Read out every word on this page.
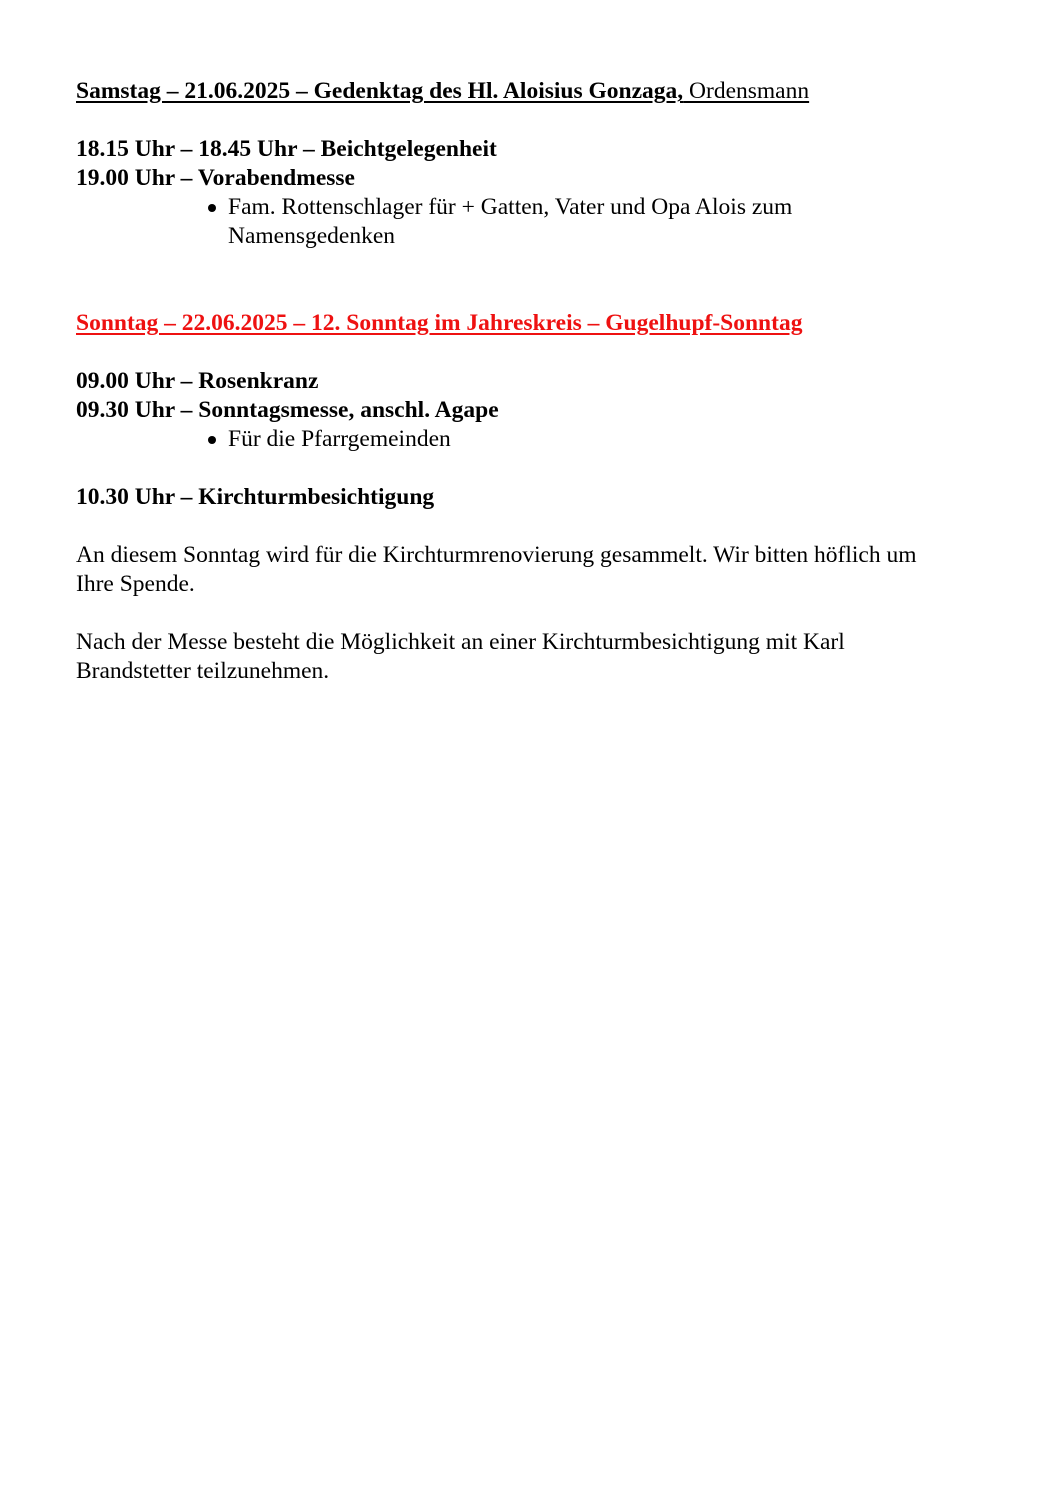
Samstag – 21.06.2025 – Gedenktag des Hl. Aloisius Gonzaga, Ordensmann

18.15 Uhr – 18.45 Uhr – Beichtgelegenheit

19.00 Uhr – Vorabendmesse

Fam. Rottenschlager für + Gatten, Vater und Opa Alois zum Namensgedenken

Sonntag – 22.06.2025 – 12. Sonntag im Jahreskreis – Gugelhupf-Sonntag

09.00 Uhr – Rosenkranz

09.30 Uhr – Sonntagsmesse, anschl. Agape

Für die Pfarrgemeinden

10.30 Uhr – Kirchturmbesichtigung

An diesem Sonntag wird für die Kirchturmrenovierung gesammelt. Wir bitten höflich um Ihre Spende.

Nach der Messe besteht die Möglichkeit an einer Kirchturmbesichtigung mit Karl Brandstetter teilzunehmen.
